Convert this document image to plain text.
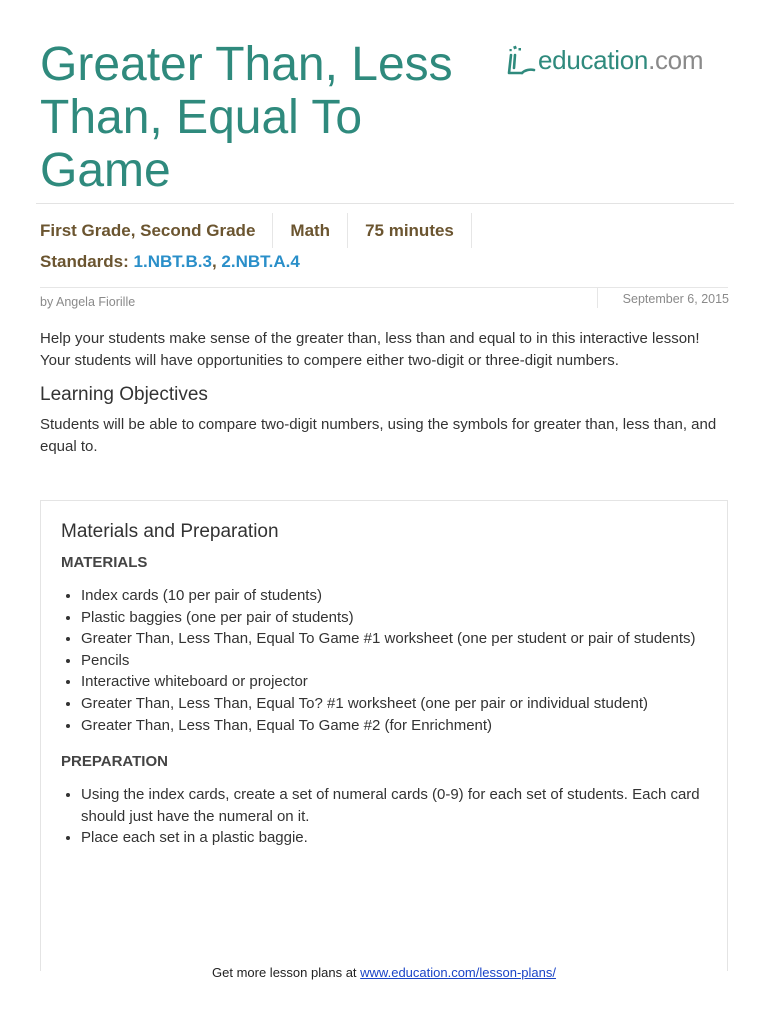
Greater Than, Less Than, Equal To Game
education.com
First Grade, Second Grade	Math	75 minutes
Standards: 1.NBT.B.3, 2.NBT.A.4
by Angela Fiorille	September 6, 2015

Help your students make sense of the greater than, less than and equal to in this interactive lesson! Your students will have opportunities to compere either two-digit or three-digit numbers.

Learning Objectives

Students will be able to compare two-digit numbers, using the symbols for greater than, less than, and equal to.

Materials and Preparation
MATERIALS
• Index cards (10 per pair of students)
• Plastic baggies (one per pair of students)
• Greater Than, Less Than, Equal To Game #1 worksheet (one per student or pair of students)
• Pencils
• Interactive whiteboard or projector
• Greater Than, Less Than, Equal To? #1 worksheet (one per pair or individual student)
• Greater Than, Less Than, Equal To Game #2 (for Enrichment)
PREPARATION
• Using the index cards, create a set of numeral cards (0-9) for each set of students. Each card should just have the numeral on it.
• Place each set in a plastic baggie.
Get more lesson plans at www.education.com/lesson-plans/
